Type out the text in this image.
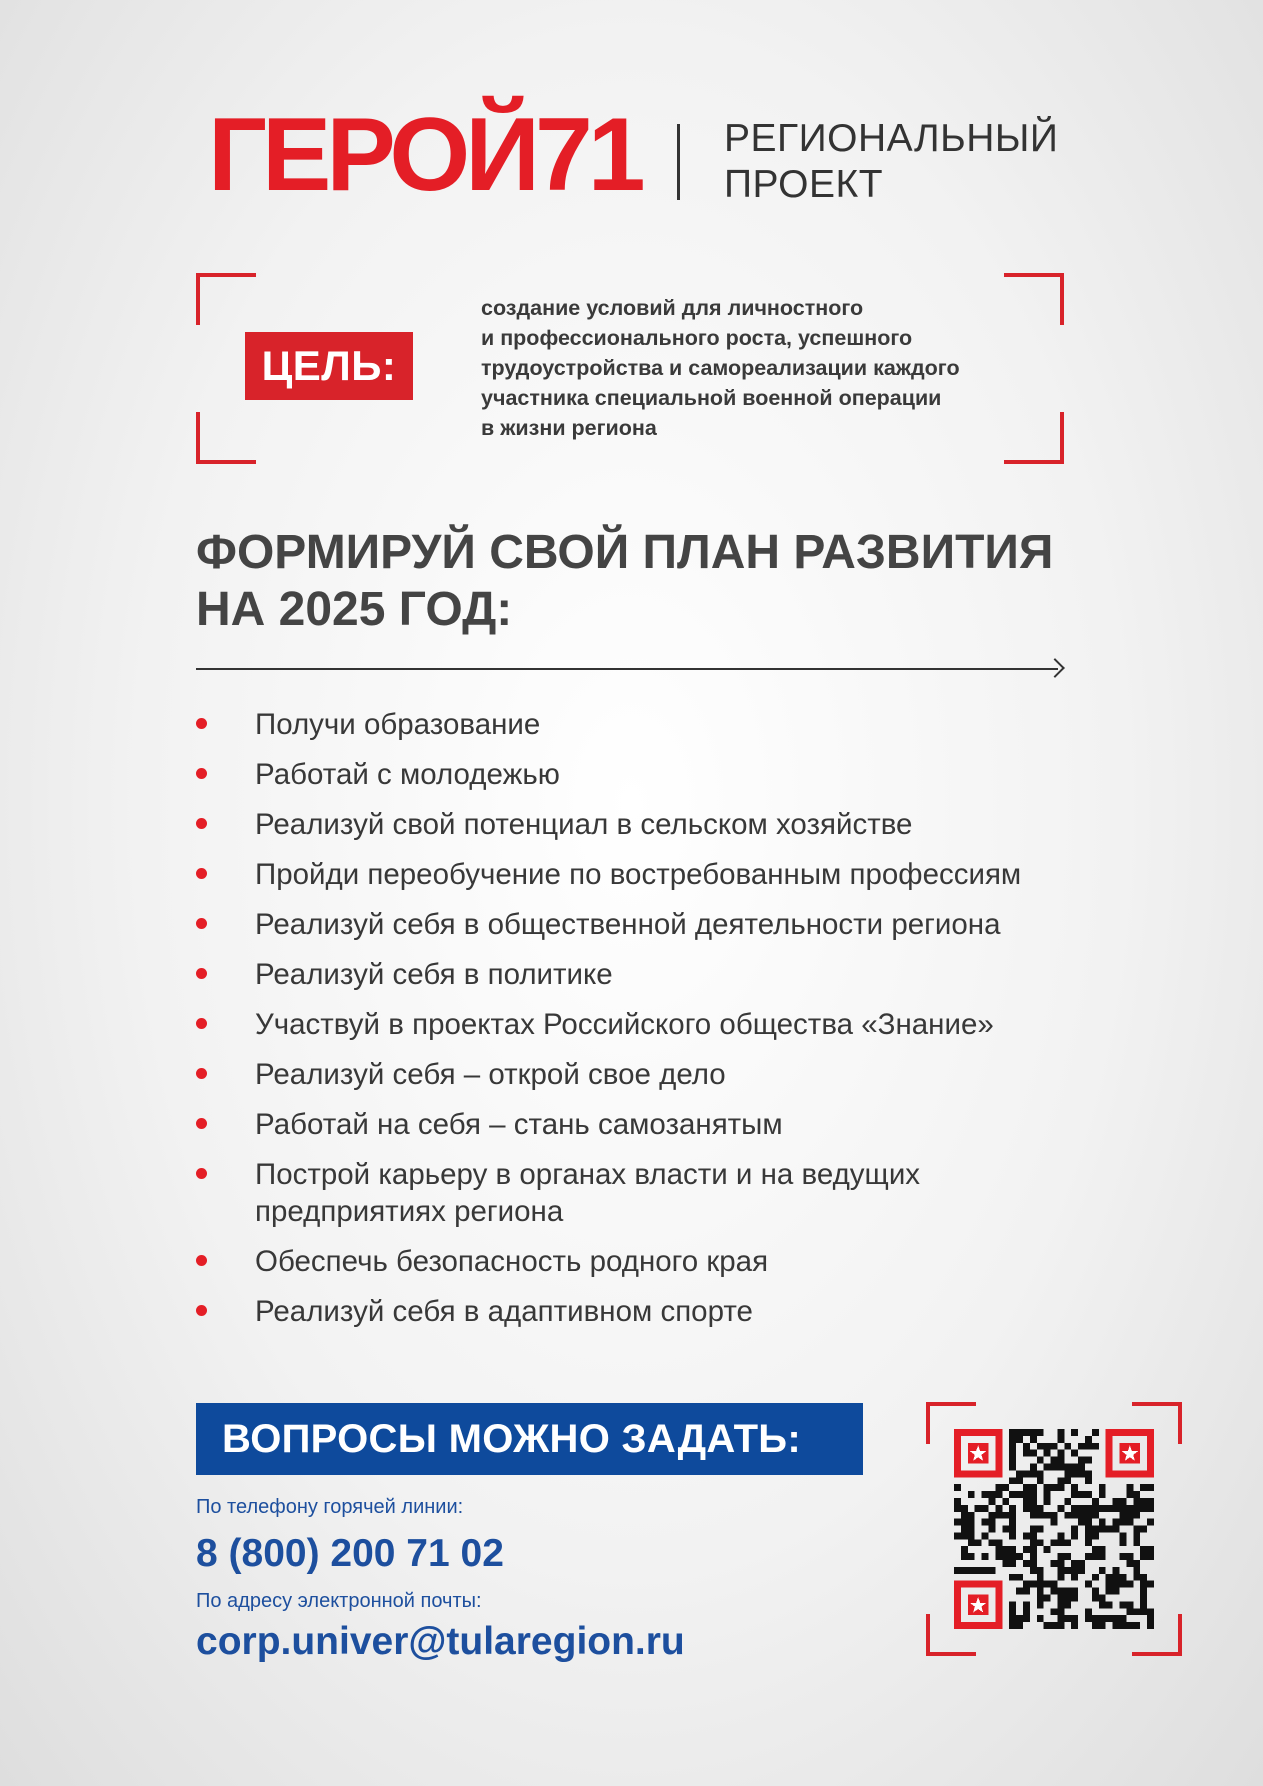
ГЕРОЙ71 РЕГИОНАЛЬНЫЙ
ПРОЕКТ
ЦЕЛЬ:
создание условий для личностного
и профессионального роста, успешного
трудоустройства и самореализации каждого
участника специальной военной операции
в жизни региона
ФОРМИРУЙ СВОЙ ПЛАН РАЗВИТИЯ
НА 2025 ГОД:
Получи образование
Работай с молодежью
Реализуй свой потенциал в сельском хозяйстве
Пройди переобучение по востребованным профессиям
Реализуй себя в общественной деятельности региона
Реализуй себя в политике
Участвуй в проектах Российского общества «Знание»
Реализуй себя – открой свое дело
Работай на себя – стань самозанятым
Построй карьеру в органах власти и на ведущих
предприятиях региона
Обеспечь безопасность родного края
Реализуй себя в адаптивном спорте
ВОПРОСЫ МОЖНО ЗАДАТЬ:
По телефону горячей линии:
8 (800) 200 71 02
По адресу электронной почты:
corp.univer@tularegion.ru
